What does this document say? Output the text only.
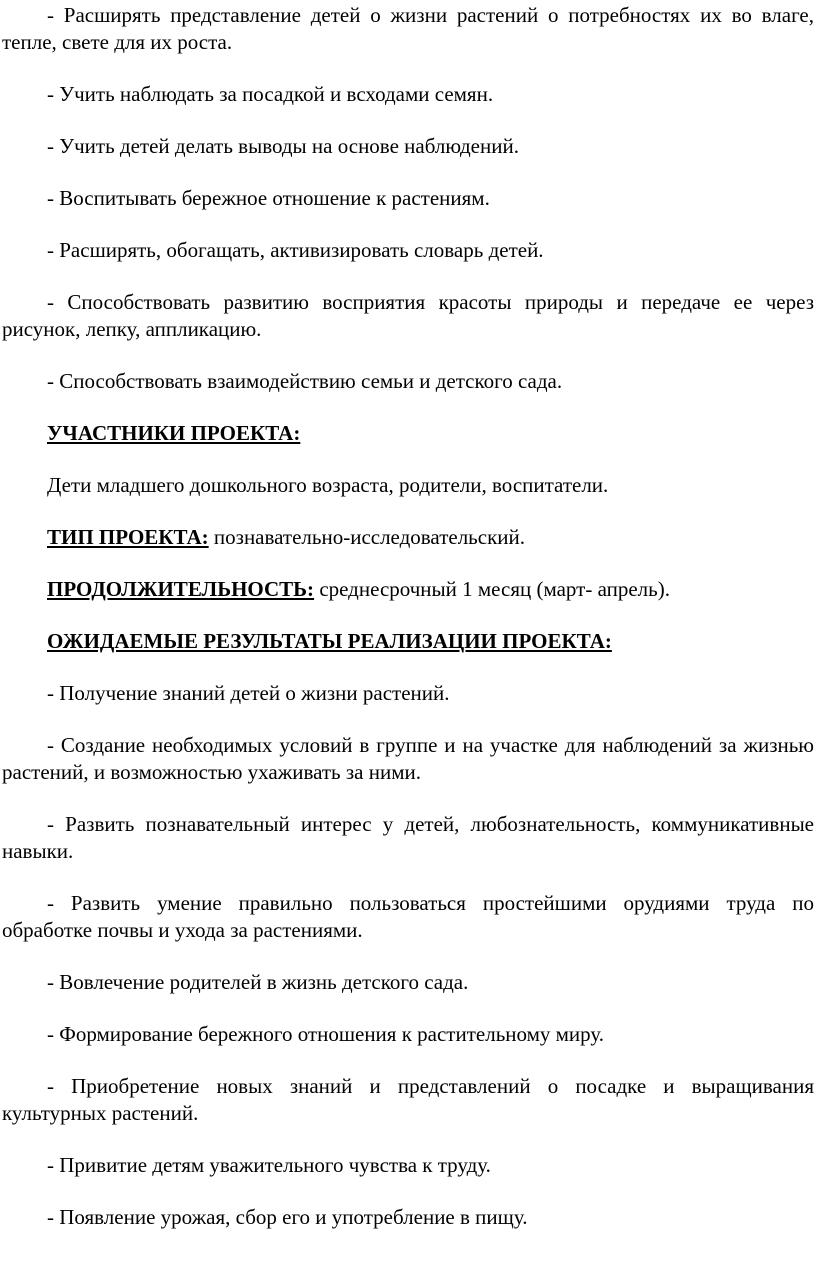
- Расширять представление детей о жизни растений о потребностях их во влаге, тепле, свете для их роста.

- Учить наблюдать за посадкой и всходами семян.

- Учить детей делать выводы на основе наблюдений.

- Воспитывать бережное отношение к растениям.

- Расширять, обогащать, активизировать словарь детей.

- Способствовать развитию восприятия красоты природы и передаче ее через рисунок, лепку, аппликацию.

- Способствовать взаимодействию семьи и детского сада.

УЧАСТНИКИ ПРОЕКТА:

Дети младшего дошкольного возраста, родители, воспитатели.

ТИП ПРОЕКТА: познавательно-исследовательский.

ПРОДОЛЖИТЕЛЬНОСТЬ: среднесрочный 1 месяц (март- апрель).

ОЖИДАЕМЫЕ РЕЗУЛЬТАТЫ РЕАЛИЗАЦИИ ПРОЕКТА:

- Получение знаний детей о жизни растений.

- Создание необходимых условий в группе и на участке для наблюдений за жизнью растений, и возможностью ухаживать за ними.

- Развить познавательный интерес у детей, любознательность, коммуникативные навыки.

- Развить умение правильно пользоваться простейшими орудиями труда по обработке почвы и ухода за растениями.

- Вовлечение родителей в жизнь детского сада.

- Формирование бережного отношения к растительному миру.

- Приобретение новых знаний и представлений о посадке и выращивания культурных растений.

- Привитие детям уважительного чувства к труду.

- Появление урожая, сбор его и употребление в пищу.
